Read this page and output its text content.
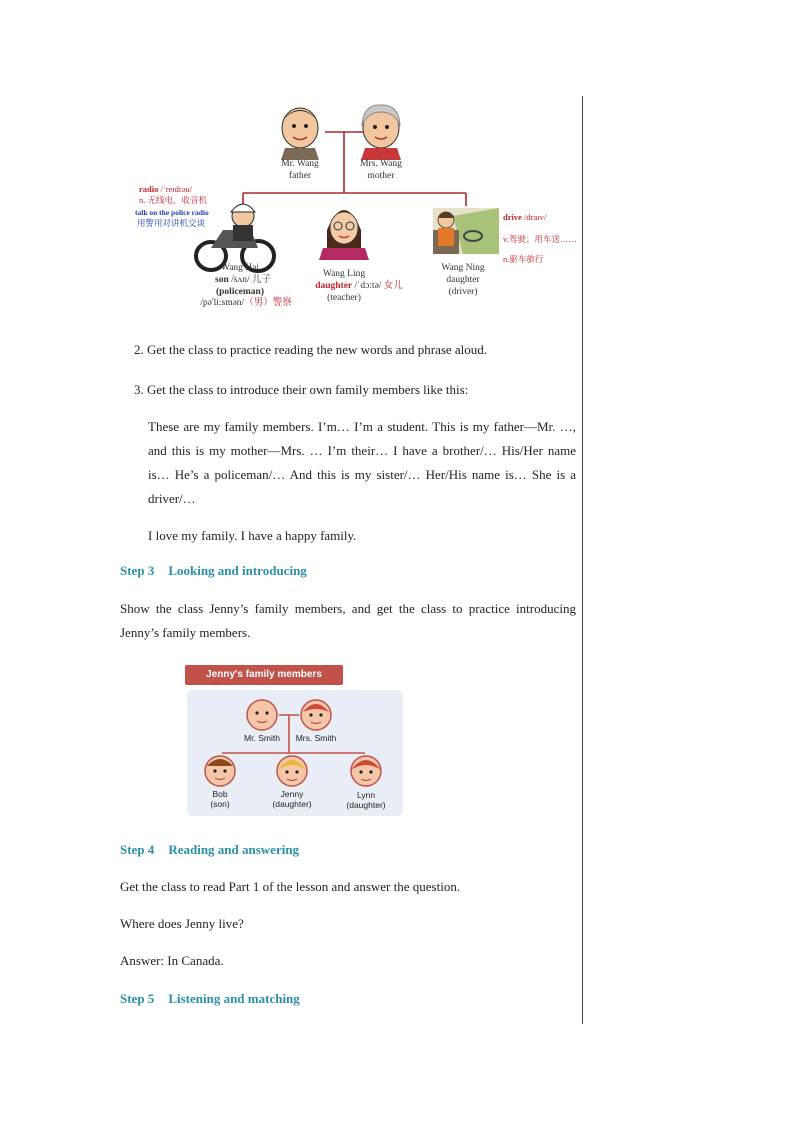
Mr. Wang
father
Mrs. Wang
mother
radio /ˈreɪdrəu/
n. 无线电，收音机
talk on the police radio
用警用对讲机交谈
Wang Hai
son /sʌn/ 儿子
(policeman)
/pə'li:smən/（男）警察
Wang Ling
daughter /ˈdɔːtə/ 女儿
(teacher)
Wang Ning
daughter
(driver)
drive /draɪv/
v.驾驶；用车送……
n.驱车旅行
2. Get the class to practice reading the new words and phrase aloud.
3. Get the class to introduce their own family members like this:
These are my family members. I’m… I’m a student. This is my father—Mr. …, and this is my mother—Mrs. … I’m their… I have a brother/… His/Her name is… He’s a policeman/… And this is my sister/… Her/His name is… She is a driver/…
I love my family. I have a happy family.
Step 3 Looking and introducing
Show the class Jenny’s family members, and get the class to practice introducing Jenny’s family members.
Jenny's family members
Mr. Smith	Mrs. Smith
Bob
(son)
Jenny
(daughter)
Lynn
(daughter)
Step 4 Reading and answering
Get the class to read Part 1 of the lesson and answer the question.
Where does Jenny live?
Answer: In Canada.
Step 5 Listening and matching
